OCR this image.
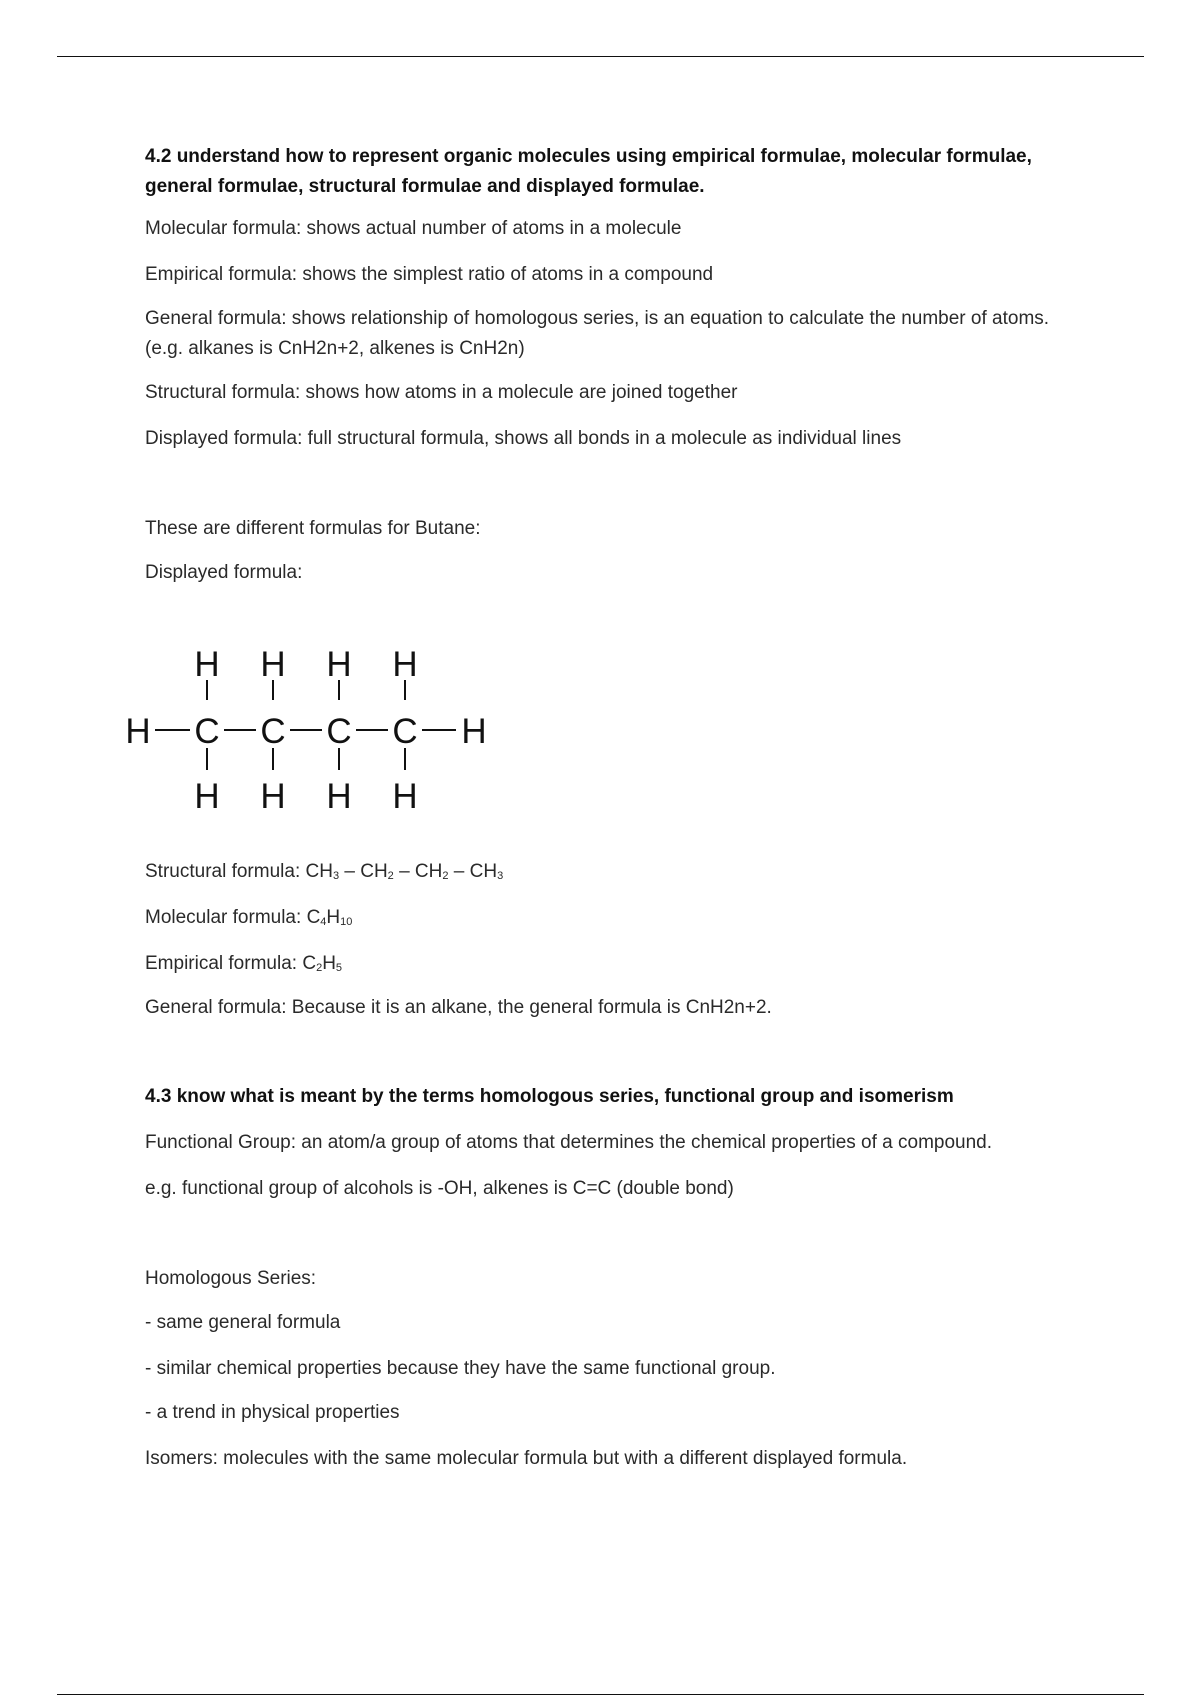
4.2 understand how to represent organic molecules using empirical formulae, molecular formulae, general formulae, structural formulae and displayed formulae.

Molecular formula: shows actual number of atoms in a molecule

Empirical formula: shows the simplest ratio of atoms in a compound

General formula: shows relationship of homologous series, is an equation to calculate the number of atoms. (e.g. alkanes is CnH2n+2, alkenes is CnH2n)

Structural formula: shows how atoms in a molecule are joined together

Displayed formula: full structural formula, shows all bonds in a molecule as individual lines

These are different formulas for Butane:

Displayed formula:

Structural formula: $CH_3 - CH_2 - CH_2 - CH_3$

Molecular formula: $C_4H_{10}$

Empirical formula: $C_2H_5$

General formula: Because it is an alkane, the general formula is CnH2n+2.

4.3 know what is meant by the terms homologous series, functional group and isomerism

Functional Group: an atom/a group of atoms that determines the chemical properties of a compound.

e.g. functional group of alcohols is -OH, alkenes is C=C (double bond)

Homologous Series:

- same general formula

- similar chemical properties because they have the same functional group.

- a trend in physical properties

Isomers: molecules with the same molecular formula but with a different displayed formula.

H H H H
H C C C C H
H H H H
